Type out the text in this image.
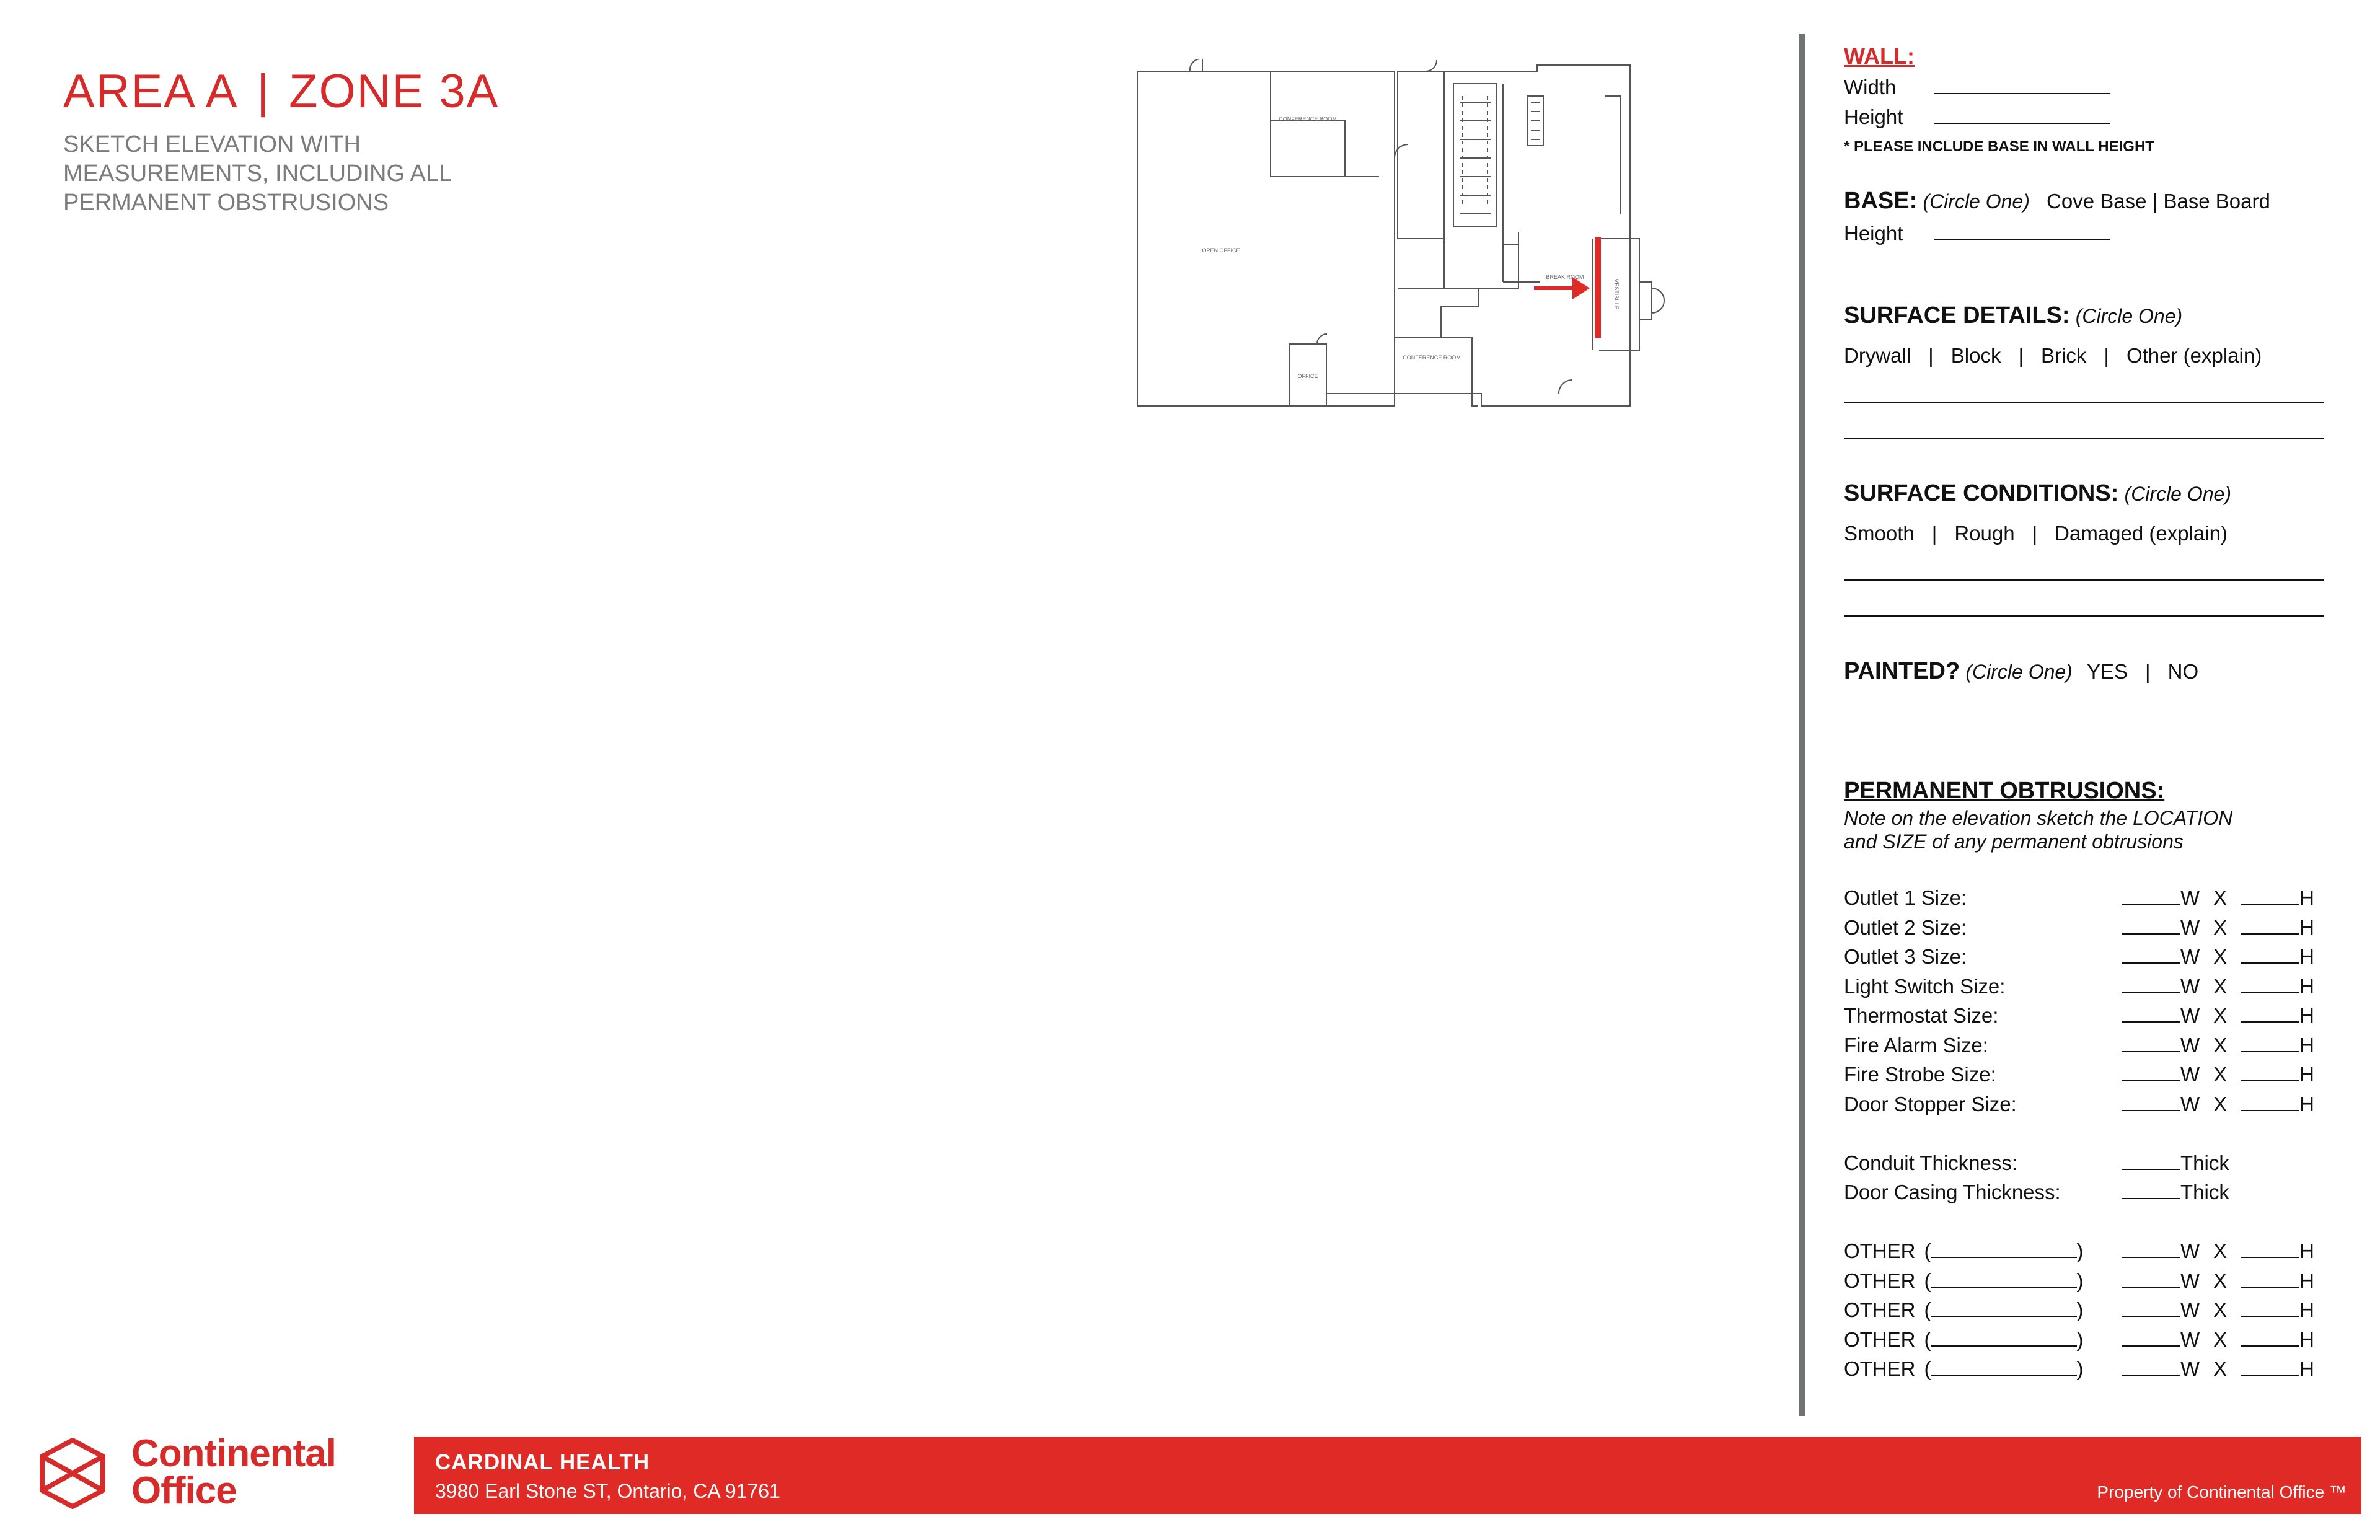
AREA A | ZONE 3A
SKETCH ELEVATION WITH MEASUREMENTS, INCLUDING ALL PERMANENT OBSTRUSIONS
CONFERENCE ROOM
OPEN OFFICE
OFFICE
CONFERENCE ROOM
BREAK ROOM
VESTIBULE
WALL:
Width
Height
* PLEASE INCLUDE BASE IN WALL HEIGHT
BASE: (Circle One) Cove Base | Base Board
Height
SURFACE DETAILS: (Circle One)
Drywall | Block | Brick | Other (explain)
SURFACE CONDITIONS: (Circle One)
Smooth | Rough | Damaged (explain)
PAINTED? (Circle One) YES | NO
PERMANENT OBTRUSIONS:
Note on the elevation sketch the LOCATION
and SIZE of any permanent obtrusions
Outlet 1 Size:	W X	H
Outlet 2 Size:	W X	H
Outlet 3 Size:	W X	H
Light Switch Size:	W X	H
Thermostat Size:	W X	H
Fire Alarm Size:	W X	H
Fire Strobe Size:	W X	H
Door Stopper Size:	W X	H
Conduit Thickness:	Thick
Door Casing Thickness:	Thick
OTHER (	)	W X	H
OTHER (	)	W X	H
OTHER (	)	W X	H
OTHER (	)	W X	H
OTHER (	)	W X	H
Continental
Office
CARDINAL HEALTH
3980 Earl Stone ST, Ontario, CA 91761	Property of Continental Office ™
